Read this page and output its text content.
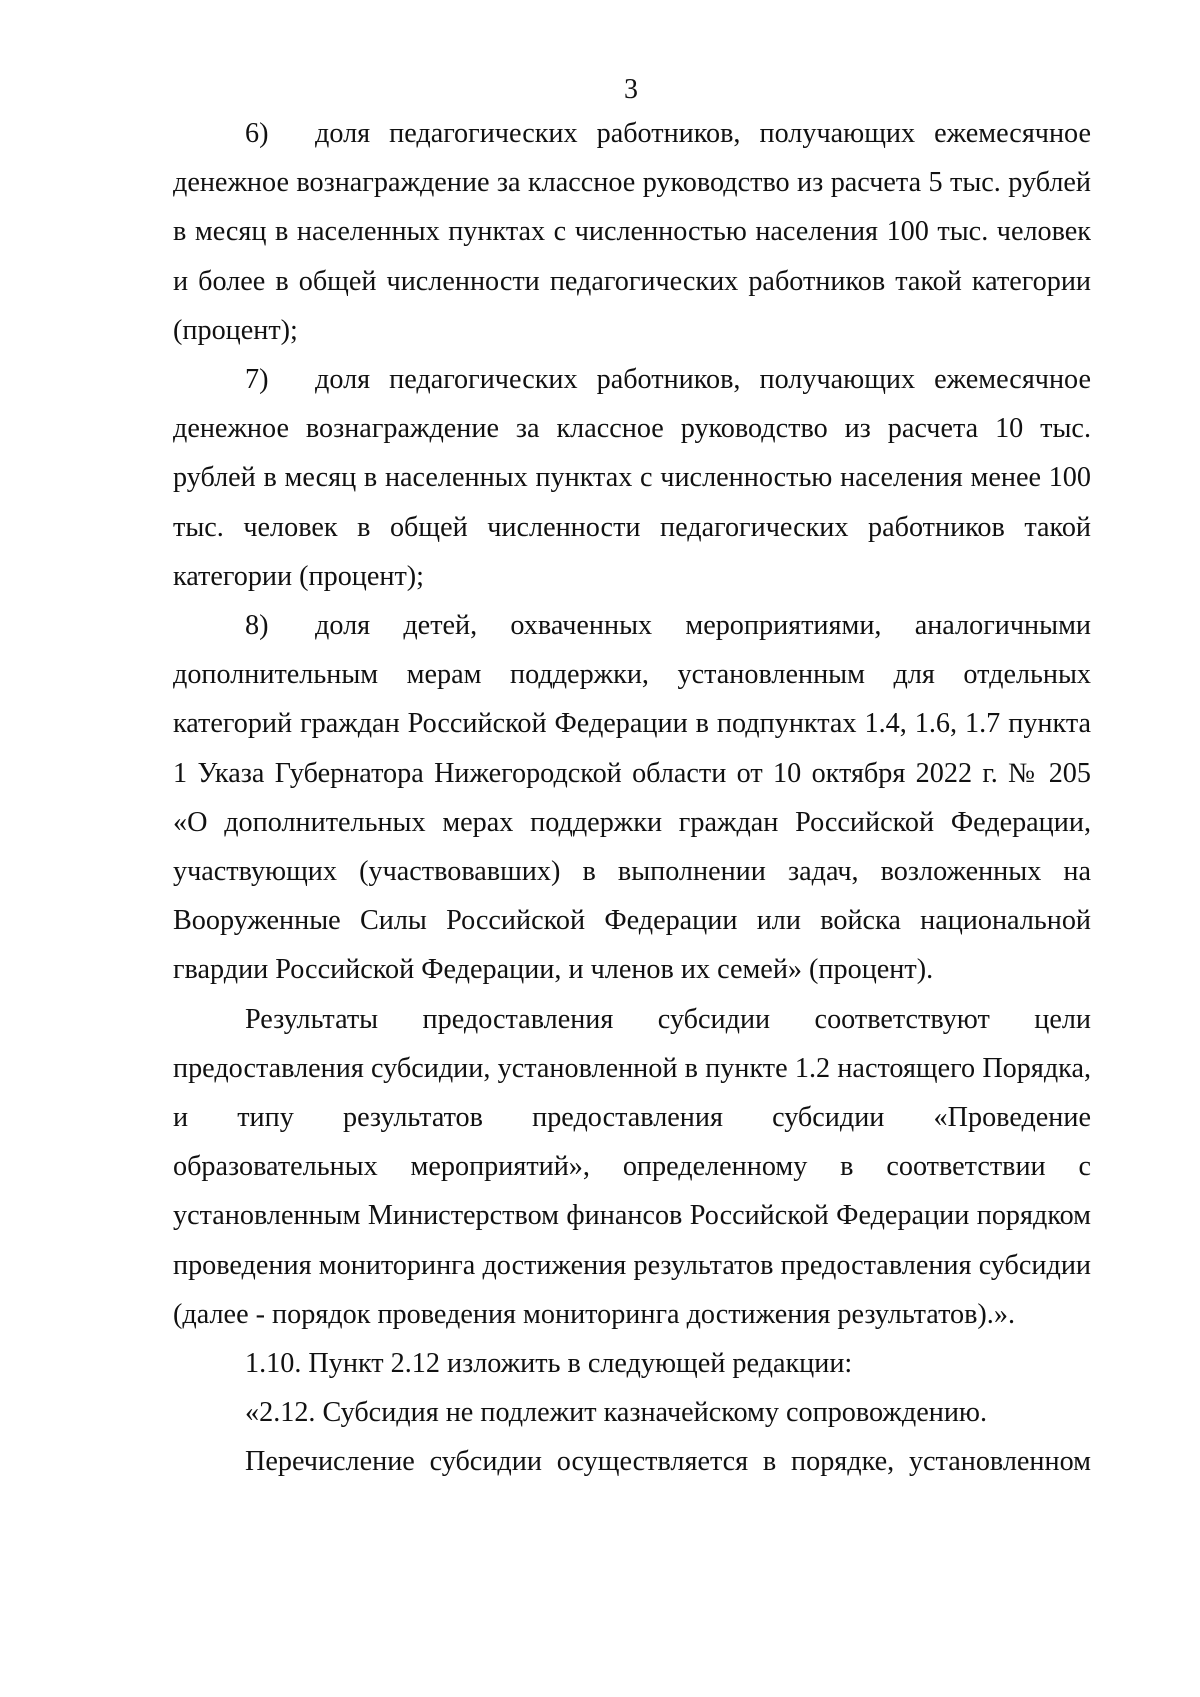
3

6) доля педагогических работников, получающих ежемесячное денежное вознаграждение за классное руководство из расчета 5 тыс. рублей в месяц в населенных пунктах с численностью населения 100 тыс. человек и более в общей численности педагогических работников такой категории (процент);

7) доля педагогических работников, получающих ежемесячное денежное вознаграждение за классное руководство из расчета 10 тыс. рублей в месяц в населенных пунктах с численностью населения менее 100 тыс. человек в общей численности педагогических работников такой категории (процент);

8) доля детей, охваченных мероприятиями, аналогичными дополнительным мерам поддержки, установленным для отдельных категорий граждан Российской Федерации в подпунктах 1.4, 1.6, 1.7 пункта 1 Указа Губернатора Нижегородской области от 10 октября 2022 г. № 205 «О дополнительных мерах поддержки граждан Российской Федерации, участвующих (участвовавших) в выполнении задач, возложенных на Вооруженные Силы Российской Федерации или войска национальной гвардии Российской Федерации, и членов их семей» (процент).

Результаты предоставления субсидии соответствуют цели предоставления субсидии, установленной в пункте 1.2 настоящего Порядка, и типу результатов предоставления субсидии «Проведение образовательных мероприятий», определенному в соответствии с установленным Министерством финансов Российской Федерации порядком проведения мониторинга достижения результатов предоставления субсидии (далее - порядок проведения мониторинга достижения результатов).».

1.10. Пункт 2.12 изложить в следующей редакции:

«2.12. Субсидия не подлежит казначейскому сопровождению.

Перечисление субсидии осуществляется в порядке, установленном
